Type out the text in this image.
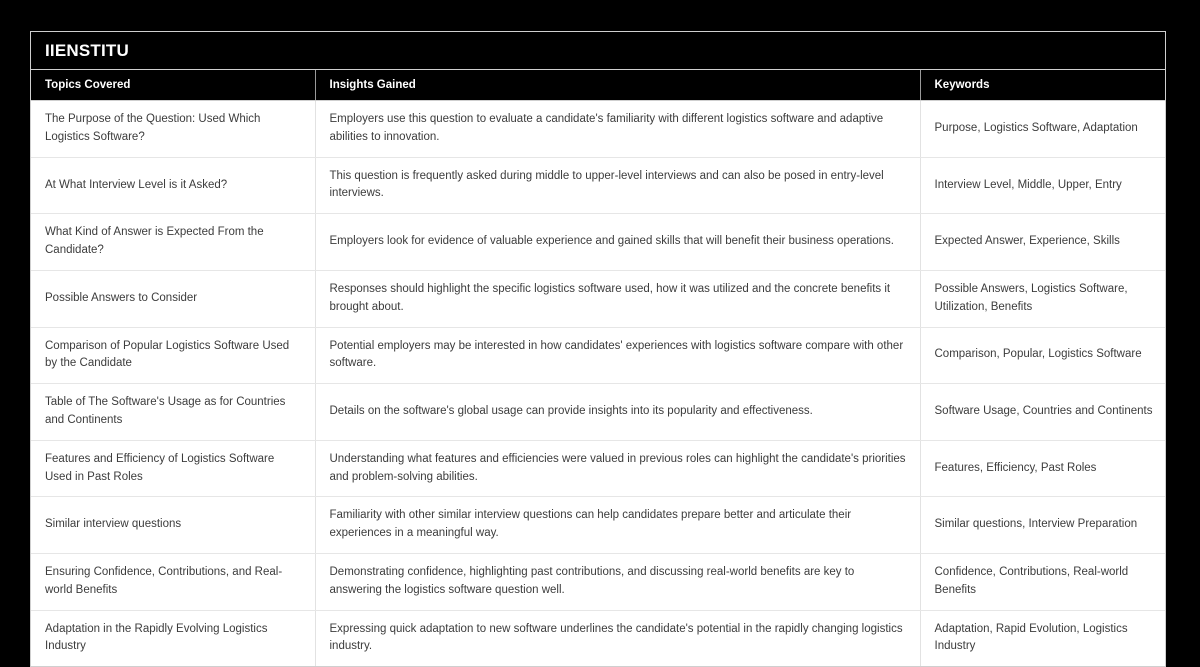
IIENSTITU
Topics Covered	Insights Gained	Keywords
The Purpose of the Question: Used Which Logistics Software?	Employers use this question to evaluate a candidate's familiarity with different logistics software and adaptive abilities to innovation.	Purpose, Logistics Software, Adaptation
At What Interview Level is it Asked?	This question is frequently asked during middle to upper-level interviews and can also be posed in entry-level interviews.	Interview Level, Middle, Upper, Entry
What Kind of Answer is Expected From the Candidate?	Employers look for evidence of valuable experience and gained skills that will benefit their business operations.	Expected Answer, Experience, Skills
Possible Answers to Consider	Responses should highlight the specific logistics software used, how it was utilized and the concrete benefits it brought about.	Possible Answers, Logistics Software, Utilization, Benefits
Comparison of Popular Logistics Software Used by the Candidate	Potential employers may be interested in how candidates' experiences with logistics software compare with other software.	Comparison, Popular, Logistics Software
Table of The Software's Usage as for Countries and Continents	Details on the software's global usage can provide insights into its popularity and effectiveness.	Software Usage, Countries and Continents
Features and Efficiency of Logistics Software Used in Past Roles	Understanding what features and efficiencies were valued in previous roles can highlight the candidate's priorities and problem-solving abilities.	Features, Efficiency, Past Roles
Similar interview questions	Familiarity with other similar interview questions can help candidates prepare better and articulate their experiences in a meaningful way.	Similar questions, Interview Preparation
Ensuring Confidence, Contributions, and Real-world Benefits	Demonstrating confidence, highlighting past contributions, and discussing real-world benefits are key to answering the logistics software question well.	Confidence, Contributions, Real-world Benefits
Adaptation in the Rapidly Evolving Logistics Industry	Expressing quick adaptation to new software underlines the candidate's potential in the rapidly changing logistics industry.	Adaptation, Rapid Evolution, Logistics Industry
